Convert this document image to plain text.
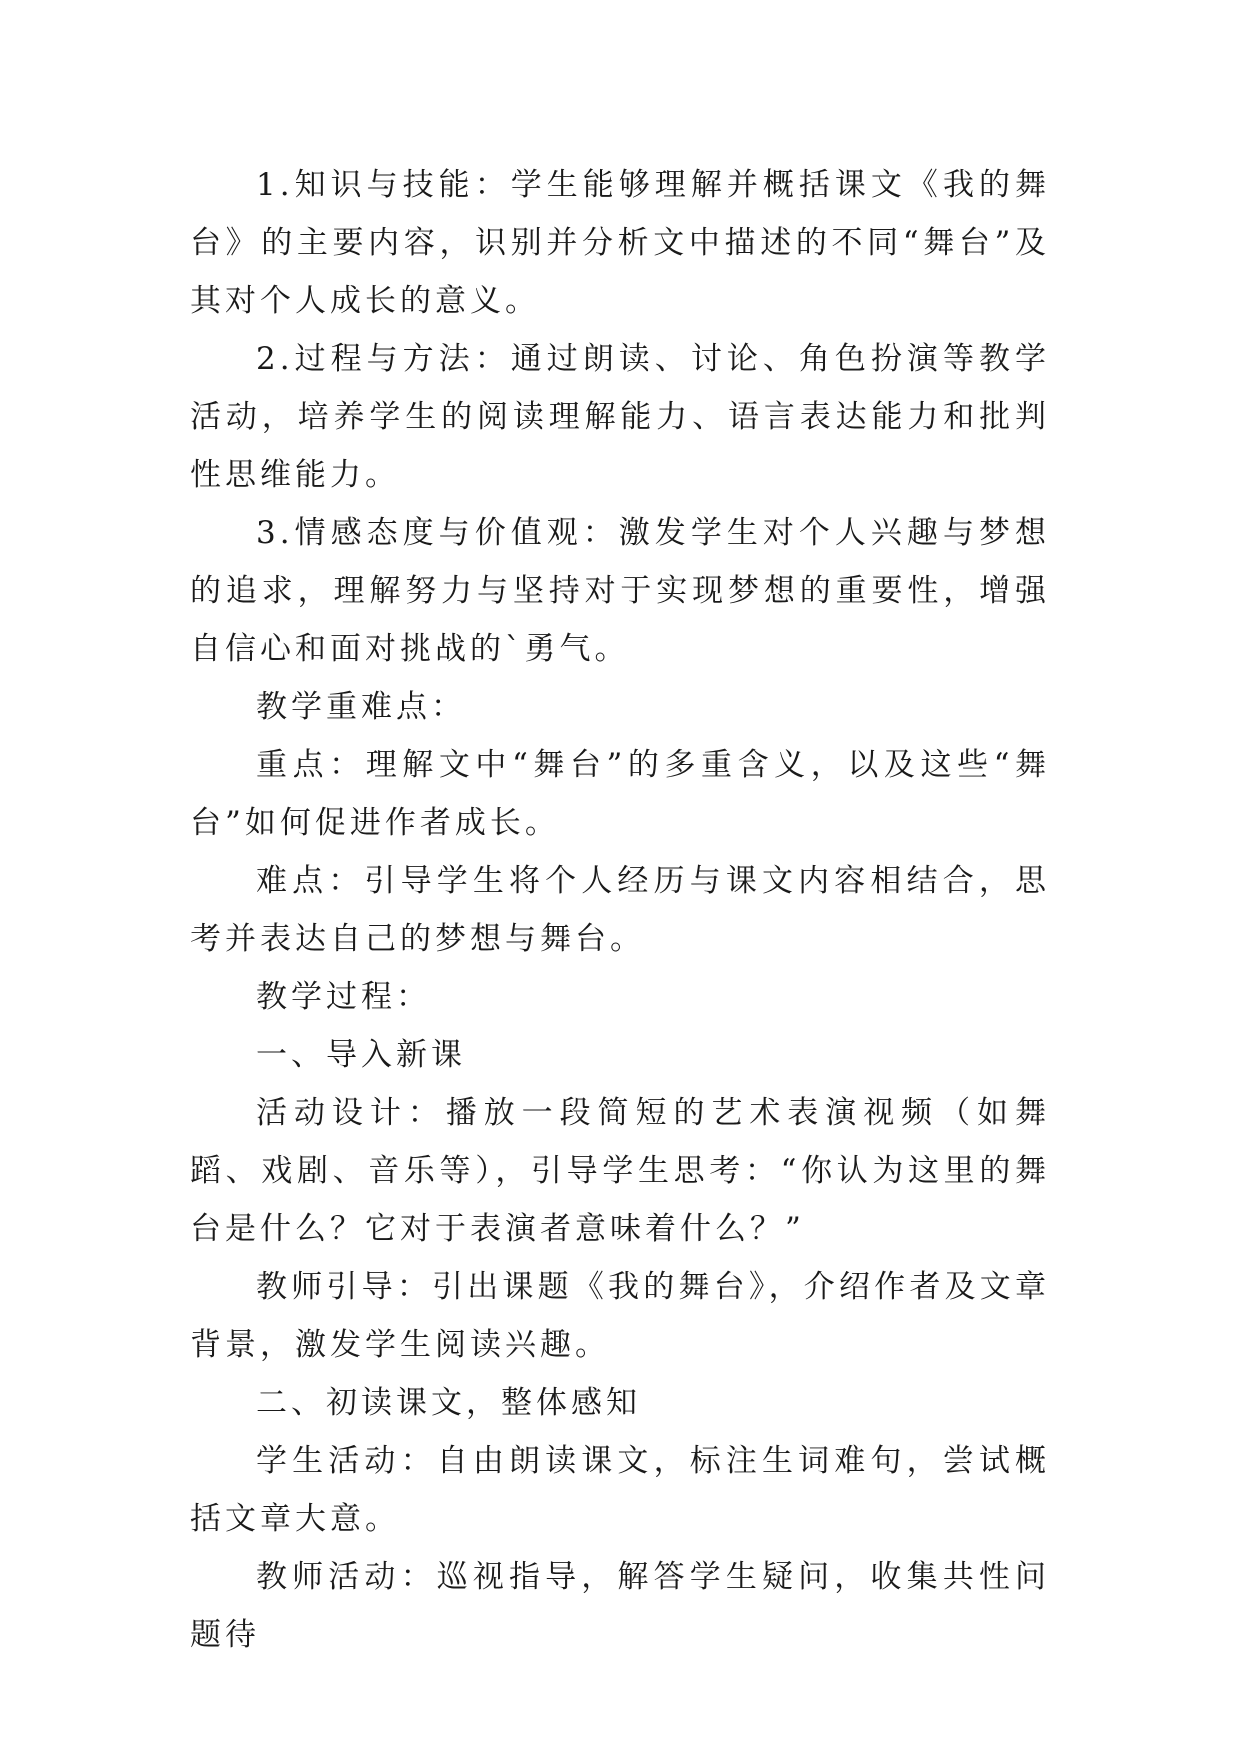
1.知识与技能：学生能够理解并概括课文《我的舞台》的主要内容，识别并分析文中描述的不同“舞台”及其对个人成长的意义。

2.过程与方法：通过朗读、讨论、角色扮演等教学活动，培养学生的阅读理解能力、语言表达能力和批判性思维能力。

3.情感态度与价值观：激发学生对个人兴趣与梦想的追求，理解努力与坚持对于实现梦想的重要性，增强自信心和面对挑战的`勇气。

教学重难点：

重点：理解文中“舞台”的多重含义，以及这些“舞台”如何促进作者成长。

难点：引导学生将个人经历与课文内容相结合，思考并表达自己的梦想与舞台。

教学过程：

一、导入新课

活动设计：播放一段简短的艺术表演视频（如舞蹈、戏剧、音乐等），引导学生思考：“你认为这里的舞台是什么？它对于表演者意味着什么？”

教师引导：引出课题《我的舞台》，介绍作者及文章背景，激发学生阅读兴趣。

二、初读课文，整体感知

学生活动：自由朗读课文，标注生词难句，尝试概括文章大意。

教师活动：巡视指导，解答学生疑问，收集共性问题待
